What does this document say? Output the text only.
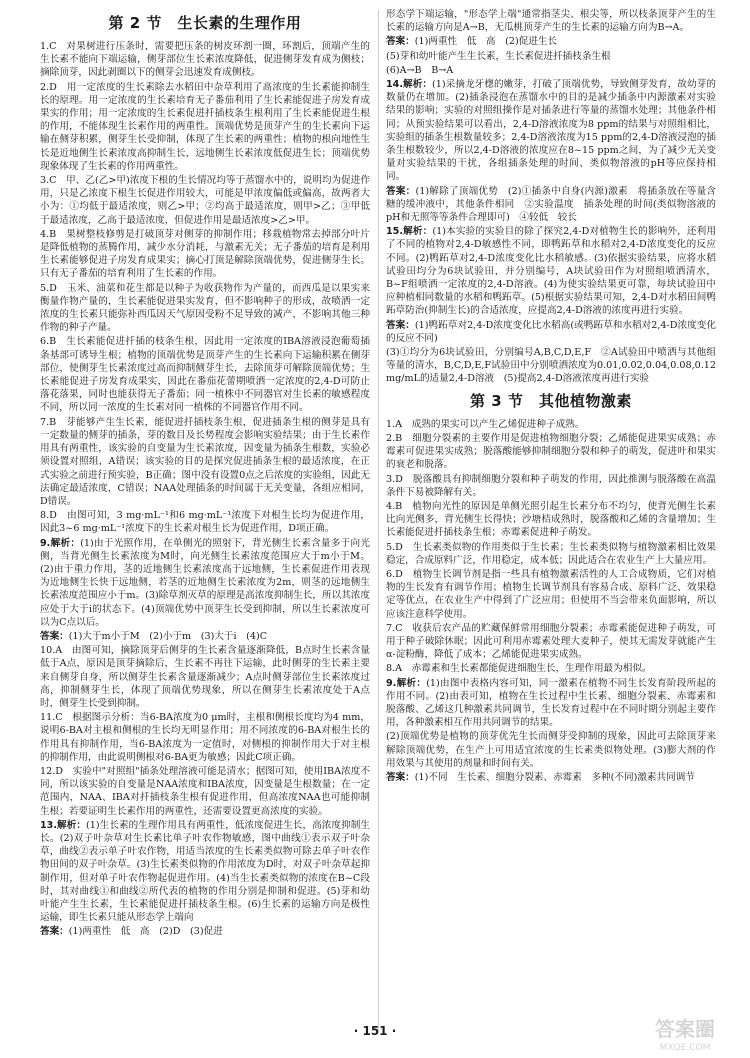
第 2 节　生长素的生理作用
1.C　对果树进行压条时，需要把压条的树皮环割一圈，环割后，顶端产生的生长素不能向下端运输，侧芽部位生长素浓度降低，促进侧芽发育成为侧枝；摘除顶芽，因此剥圈以下的侧芽会迅速发育成侧枝。
2.D　用一定浓度的生长素除去水稻田中杂草利用了高浓度的生长素能抑制生长的原理。用一定浓度的生长素培育无子番茄利用了生长素能促进子房发育成果实的作用；用一定浓度的生长素促进扦插枝条生根利用了生长素能促进生根的作用，不能体现生长素作用的两重性。顶端优势是顶芽产生的生长素向下运输在侧芽积累，侧芽生长受抑制，体现了生长素的两重性；植物的根向地性生长是近地侧生长素浓度高抑制生长，远地侧生长素浓度低促进生长；顶端优势现象体现了生长素的作用两重性。
3.C　甲、乙(乙>甲)浓度下根的生长情况均等于蒸馏水中的，说明均为促进作用，只是乙浓度下根生长促进作用较大，可能是甲浓度偏低或偏高，故两者大小为：①均低于最适浓度，则乙>甲；②均高于最适浓度，则甲>乙；③甲低于最适浓度，乙高于最适浓度，但促进作用是最适浓度>乙>甲。
4.B　果树整枝修剪是打破顶芽对侧芽的抑制作用；移栽植物常去掉部分叶片是降低植物的蒸腾作用，减少水分消耗，与激素无关；无子番茄的培育是利用生长素能够促进子房发育成果实；摘心打顶是解除顶端优势，促进侧芽生长。只有无子番茄的培育利用了生长素的作用。
5.D　玉米、油菜和花生都是以种子为收获物作为产量的，而西瓜是以果实来衡量作物产量的，生长素能促进果实发育，但不影响种子的形成，故喷洒一定浓度的生长素只能弥补西瓜因天气原因受粉不足导致的减产，不影响其他三种作物的种子产量。
6.B　生长素能促进扦插的枝条生根，因此用一定浓度的IBA溶液浸泡葡萄插条基部可诱导生根；植物的顶端优势是顶芽产生的生长素向下运输积累在侧芽部位，使侧芽生长素浓度过高而抑制侧芽生长，去除顶芽可解除顶端优势；生长素能促进子房发育成果实，因此在番茄花蕾期喷洒一定浓度的2,4-D可防止落花落果，同时也能获得无子番茄；同一植株中不同器官对生长素的敏感程度不同，所以同一浓度的生长素对同一植株的不同器官作用不同。
7.B　芽能够产生生长素，能促进扦插枝条生根，促进插条生根的侧芽是具有一定数量的侧芽的插条，芽的数目及长势程度会影响实验结果；由于生长素作用具有两重性，该实验的自变量为生长素浓度，因变量为插条生根数，实验必须设置对照组，A错误；该实验的目的是探究促进插条生根的最适浓度，在正式实验之前进行预实验，B正确；图中没有设置0点之后浓度的实验组，因此无法确定最适浓度，C错误；NAA处理插条的时间属于无关变量，各组应相同，D错误。
8.D　由图可知，3 mg·mL⁻¹和6 mg·mL⁻¹浓度下对根生长均为促进作用，因此3~6 mg·mL⁻¹浓度下的生长素对根生长为促进作用，D项正确。
9.解析：(1)由于光照作用，在单侧光的照射下，背光侧生长素含量多于向光侧，当背光侧生长素浓度为M时，向光侧生长素浓度范围应大于m小于M。(2)由于重力作用，茎的近地侧生长素浓度高于远地侧，生长素促进作用表现为近地侧生长快于远地侧，若茎的近地侧生长素浓度为2m，则茎的远地侧生长素浓度范围应小于m。(3)除草剂灭草的原理是高浓度抑制生长，所以其浓度应处于大于i的状态下。(4)顶端优势中顶芽生长受到抑制，所以生长素浓度可以为C点以后。
答案：(1)大于m小于M　(2)小于m　(3)大于i　(4)C
10.A　由图可知，摘除顶芽后侧芽的生长素含量逐渐降低，B点时生长素含量低于A点，原因是顶芽摘除后，生长素不再往下运输，此时侧芽的生长素主要来自侧芽自身，所以侧芽生长素含量逐渐减少；A点时侧芽部位生长素浓度过高，抑制侧芽生长，体现了顶端优势现象，所以在侧芽生长素浓度处于A点时，侧芽生长受到抑制。
11.C　根据图示分析：当6-BA浓度为0 μm时，主根和侧根长度均为4 mm，说明6-BA对主根和侧根的生长均无明显作用；用不同浓度的6-BA对根生长的作用具有抑制作用，当6-BA浓度为一定值时，对侧根的抑制作用大于对主根的抑制作用，由此说明侧根对6-BA更为敏感；因此C项正确。
12.D　实验中"对照组"插条处理溶液可能是清水；据图可知，使用IBA浓度不同，所以该实验的自变量是NAA浓度和IBA浓度，因变量是生根数量；在一定范围内，NAA、IBA对扦插枝条生根有促进作用，但高浓度NAA也可能抑制生根；若要证明生长素作用的两重性，还需要设置更高浓度的实验。
13.解析：(1)生长素的生理作用具有两重性，低浓度促进生长，高浓度抑制生长。(2)双子叶杂草对生长素比单子叶农作物敏感，图中曲线①表示双子叶杂草，曲线②表示单子叶农作物，用适当浓度的生长素类似物可除去单子叶农作物田间的双子叶杂草。(3)生长素类似物的作用浓度为D时，对双子叶杂草起抑制作用，但对单子叶农作物起促进作用。(4)当生长素类似物的浓度在B~C段时，其对曲线①和曲线②所代表的植物的作用分别是抑制和促进。(5)芽和幼叶能产生生长素，生长素能促进扦插枝条生根。(6)生长素的运输方向是极性运输，即生长素只能从形态学上端向
答案：(1)两重性　低　高　(2)D　(3)促进
形态学下端运输，"形态学上端"通常指茎尖、根尖等，所以枝条顶芽产生的生长素的运输方向是A→B，无瓜桃顶芽产生的生长素的运输方向为B→A。
答案：(1)两重性　低　高　(2)促进生长
(5)芽和幼叶能产生生长素，生长素促进扦插枝条生根
(6)A→B　B→A
14.解析：(1)采摘龙牙楤的嫩芽，打破了顶端优势，导致侧芽发育，故幼芽的数量仍在增加。(2)插条浸泡在蒸馏水中的目的是减少插条中内源激素对实验结果的影响；实验的对照组操作是对插条进行等量的蒸馏水处理；其他条件相同；从预实验结果可以看出，2,4-D溶液浓度为8 ppm的结果与对照组相比，实验组的插条生根数量较多；2,4-D溶液浓度为15 ppm的2,4-D溶液浸泡的插条生根数较少，所以2,4-D溶液的浓度应在8~15 ppm之间，为了减少无关变量对实验结果的干扰，各组插条处理的时间、类似物溶液的pH等应保持相同。
答案：(1)解除了顶端优势　(2)①插条中自身(内源)激素　将插条放在等量含糖的缓冲液中，其他条件相同　②实验温度　插条处理的时间(类似物溶液的pH和无照等等条件合理即可)　④较低　较长
15.解析：(1)本实验的实验目的除了探究2,4-D对植物生长的影响外，还利用了不同的植物对2,4-D敏感性不同，即鸭跖草和水稻对2,4-D浓度变化的反应不同。(2)鸭跖草对2,4-D浓度变化比水稻敏感。(3)依据实验结果，应将水稻试验田均分为6块试验田，并分别编号，A块试验田作为对照组喷洒清水，B~F组喷洒一定浓度的2,4-D溶液。(4)为使实验结果更可靠，每块试验田中应种植相同数量的水稻和鸭跖草。(5)根据实验结果可知，2,4-D对水稻田间鸭跖草防治(抑制生长)的合适浓度，应提高2,4-D溶液的浓度再进行实验。
答案：(1)鸭跖草对2,4-D浓度变化比水稻高(或鸭跖草和水稻对2,4-D浓度变化的反应不同)
(3)①均分为6块试验田，分别编号A,B,C,D,E,F　②A试验田中喷洒与其他组等量的清水，B,C,D,E,F试验田中分别喷洒浓度为0.01,0.02,0.04,0.08,0.12 mg/mL的适量2,4-D溶液　(5)提高2,4-D溶液浓度再进行实验
第 3 节　其他植物激素
1.A　成熟的果实可以产生乙烯促进种子成熟。
2.B　细胞分裂素的主要作用是促进植物细胞分裂；乙烯能促进果实成熟；赤霉素可促进果实成熟；脱落酸能够抑制细胞分裂和种子的萌发，促进叶和果实的衰老和脱落。
3.D　脱落酸具有抑制细胞分裂和种子萌发的作用，因此推测与脱落酸在高温条件下易被降解有关。
4.B　植物向光性的原因是单侧光照引起生长素分布不均匀，使背光侧生长素比向光侧多，背光侧生长得快；沙塘桔成熟时，脱落酸和乙烯的含量增加；生长素能促进扦插枝条生根；赤霉素促进种子萌发。
5.D　生长素类似物的作用类似于生长素；生长素类似物与植物激素相比效果稳定，合成原料广泛，作用稳定，成本低；因此适合在农业生产上大量应用。
6.D　植物生长调节剂是指一些具有植物激素活性的人工合成物质，它们对植物的生长发育有调节作用；植物生长调节剂具有容易合成、原料广泛、效果稳定等优点，在农业生产中得到了广泛应用；但使用不当会带来负面影响，所以应该注意科学使用。
7.C　收获后农产品的贮藏保鲜常用细胞分裂素；赤霉素能促进种子萌发，可用于种子破除休眠；因此可利用赤霉素处理大麦种子，使其无需发芽就能产生α-淀粉酶，降低了成本；乙烯能促进果实成熟。
8.A　赤霉素和生长素都能促进细胞生长，生理作用最为相似。
9.解析：(1)由图中表格内容可知，同一激素在植物不同生长发育阶段所起的作用不同。(2)由表可知，植物在生长过程中生长素、细胞分裂素、赤霉素和脱落酸、乙烯这几种激素共同调节，生长发育过程中在不同时期分别起主要作用，各种激素相互作用共同调节的结果。
(2)顶端优势是植物的顶芽优先生长而侧芽受抑制的现象，因此可去除顶芽来解除顶端优势，在生产上可用适宜浓度的生长素类似物处理。(3)膨大剂的作用效果与其使用的剂量和时间有关。
答案：(1)不同　生长素、细胞分裂素、赤霉素　多种(不同)激素共同调节
· 151 ·	答案圈
MXQE.COM
